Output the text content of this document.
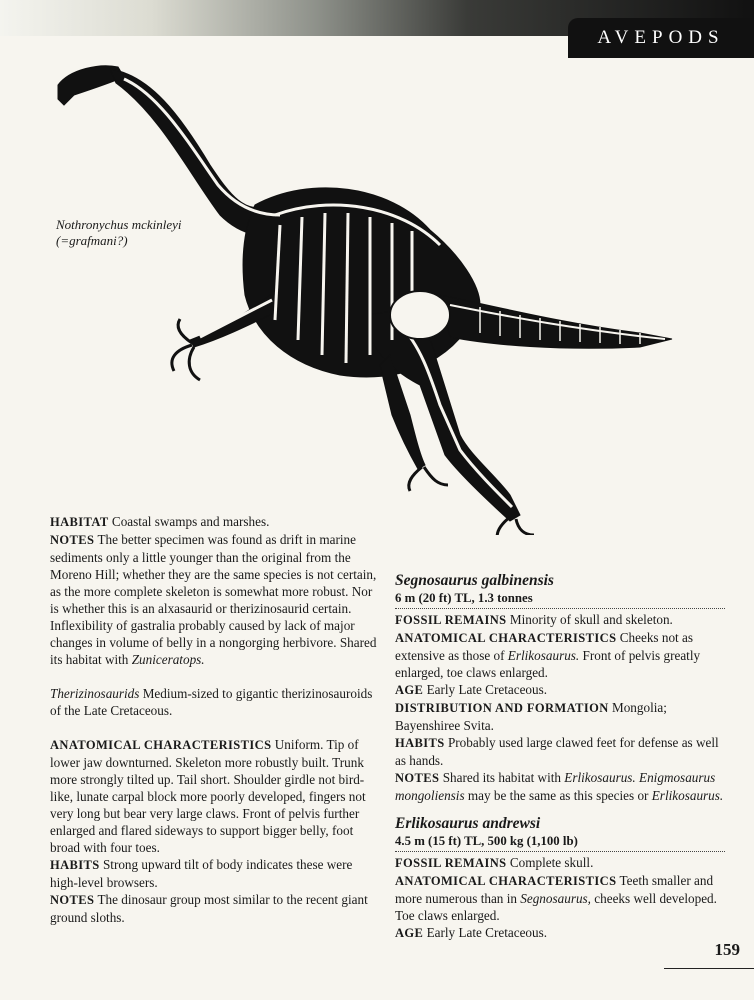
AVEPODS
Nothronychus mckinleyi
(=grafmani?)

HABITAT Coastal swamps and marshes.

NOTES The better specimen was found as drift in marine sediments only a little younger than the original from the Moreno Hill; whether they are the same species is not certain, as the more complete skeleton is somewhat more robust. Nor is whether this is an alxasaurid or therizinosaurid certain. Inflexibility of gastralia probably caused by lack of major changes in volume of belly in a nongorging herbivore. Shared its habitat with Zuniceratops.

Therizinosaurids Medium-sized to gigantic therizinosauroids of the Late Cretaceous.

ANATOMICAL CHARACTERISTICS Uniform. Tip of lower jaw downturned. Skeleton more robustly built. Trunk more strongly tilted up. Tail short. Shoulder girdle not bird-like, lunate carpal block more poorly developed, fingers not very long but bear very large claws. Front of pelvis further enlarged and flared sideways to support bigger belly, foot broad with four toes.

HABITS Strong upward tilt of body indicates these were high-level browsers.

NOTES The dinosaur group most similar to the recent giant ground sloths.

Segnosaurus galbinensis
6 m (20 ft) TL, 1.3 tonnes

FOSSIL REMAINS Minority of skull and skeleton.

ANATOMICAL CHARACTERISTICS Cheeks not as extensive as those of Erlikosaurus. Front of pelvis greatly enlarged, toe claws enlarged.

AGE Early Late Cretaceous.

DISTRIBUTION AND FORMATION Mongolia; Bayenshiree Svita.

HABITS Probably used large clawed feet for defense as well as hands.

NOTES Shared its habitat with Erlikosaurus. Enigmosaurus mongoliensis may be the same as this species or Erlikosaurus.

Erlikosaurus andrewsi
4.5 m (15 ft) TL, 500 kg (1,100 lb)

FOSSIL REMAINS Complete skull.

ANATOMICAL CHARACTERISTICS Teeth smaller and more numerous than in Segnosaurus, cheeks well developed. Toe claws enlarged.

AGE Early Late Cretaceous.

159
